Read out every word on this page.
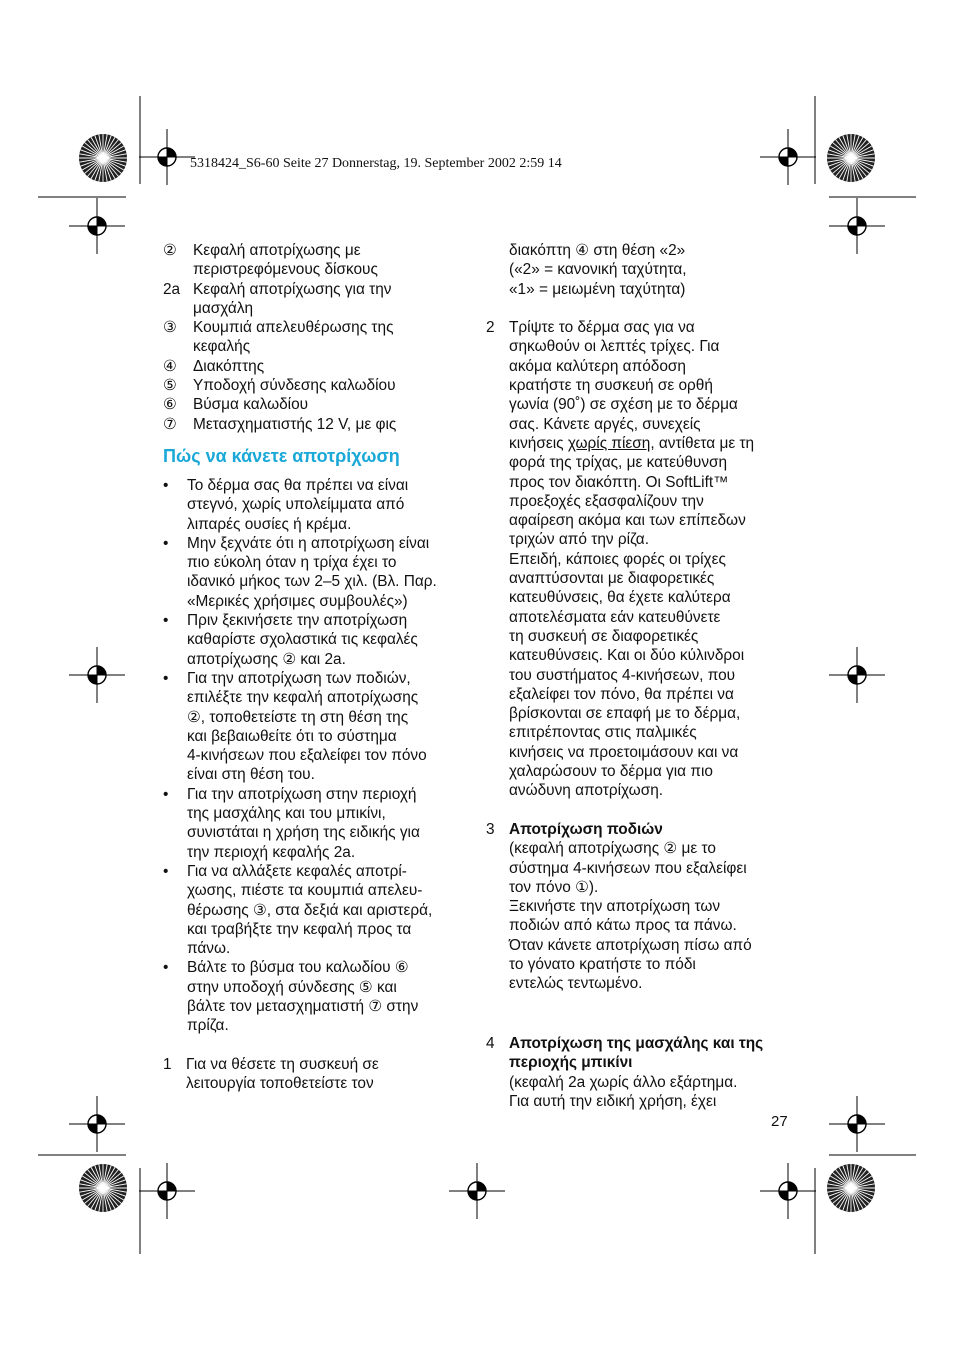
5318424_S6-60 Seite 27 Donnerstag, 19. September 2002 2:59 14
②	Κεφαλή αποτρίχωσης με
περιστρεφόμενους δίσκους
2a Κεφαλή αποτρίχωσης για την
μασχάλη
③	Κουμπιά απελευθέρωσης της
κεφαλής
④	Διακόπτης
⑤	Υποδοχή σύνδεσης καλωδίου
⑥	Βύσμα καλωδίου
⑦	Μετασχηματιστής 12 V, με φις
Πώς να κάνετε αποτρίχωση
•	Το δέρμα σας θα πρέπει να είναι
στεγνό, χωρίς υπολείμματα από
λιπαρές ουσίες ή κρέμα.
•	Μην ξεχνάτε ότι η αποτρίχωση είναι
πιο εύκολη όταν η τρίχα έχει το
ιδανικό μήκος των 2–5 χιλ. (Βλ. Παρ.
«Μερικές χρήσιμες συμβουλές»)
•	Πριν ξεκινήσετε την αποτρίχωση
καθαρίστε σχολαστικά τις κεφαλές
αποτρίχωσης ② και 2a.
•	Για την αποτρίχωση των ποδιών,
επιλέξτε την κεφαλή αποτρίχωσης
②, τοποθετείστε τη στη θέση της
και βεβαιωθείτε ότι το σύστημα
4-κινήσεων που εξαλείφει τον πόνο
είναι στη θέση του.
•	Για την αποτρίχωση στην περιοχή
της μασχάλης και του μπικίνι,
συνιστάται η χρήση της ειδικής για
την περιοχή κεφαλής 2a.
•	Για να αλλάξετε κεφαλές αποτρί-
χωσης, πιέστε τα κουμπιά απελευ-
θέρωσης ③, στα δεξιά και αριστερά,
και τραβήξτε την κεφαλή προς τα
πάνω.
•	Βάλτε το βύσμα του καλωδίου ⑥
στην υποδοχή σύνδεσης ⑤ και
βάλτε τον μετασχηματιστή ⑦ στην
πρίζα.
1 Για να θέσετε τη συσκευή σε
λειτουργία τοποθετείστε τον
διακόπτη ④ στη θέση «2»
(«2» = κανονική ταχύτητα,
«1» = μειωμένη ταχύτητα)
2 Τρίψτε το δέρμα σας για να
σηκωθούν οι λεπτές τρίχες. Για
ακόμα καλύτερη απόδοση
κρατήστε τη συσκευή σε ορθή
γωνία (90˚) σε σχέση με το δέρμα
σας. Κάνετε αργές, συνεχείς
κινήσεις χωρίς πίεση, αντίθετα με τη
φορά της τρίχας, με κατεύθυνση
προς τον διακόπτη. Οι SoftLift™
προεξοχές εξασφαλίζουν την
αφαίρεση ακόμα και των επίπεδων
τριχών από την ρίζα.
Επειδή, κάποιες φορές οι τρίχες
αναπτύσονται με διαφορετικές
κατευθύνσεις, θα έχετε καλύτερα
αποτελέσματα εάν κατευθύνετε
τη συσκευή σε διαφορετικές
κατευθύνσεις. Και οι δύο κύλινδροι
του συστήματος 4-κινήσεων, που
εξαλείφει τον πόνο, θα πρέπει να
βρίσκονται σε επαφή με το δέρμα,
επιτρέποντας στις παλμικές
κινήσεις να προετοιμάσουν και να
χαλαρώσουν το δέρμα για πιο
ανώδυνη αποτρίχωση.
3 Αποτρίχωση ποδιών
(κεφαλή αποτρίχωσης ② με το
σύστημα 4-κινήσεων που εξαλείφει
τον πόνο ①).
Ξεκινήστε την αποτρίχωση των
ποδιών από κάτω προς τα πάνω.
Όταν κάνετε αποτρίχωση πίσω από
το γόνατο κρατήστε το πόδι
εντελώς τεντωμένο.
4 Αποτρίχωση της μασχάλης και της
περιοχής μπικίνι
(κεφαλή 2a χωρίς άλλο εξάρτημα.
Για αυτή την ειδική χρήση, έχει
27
